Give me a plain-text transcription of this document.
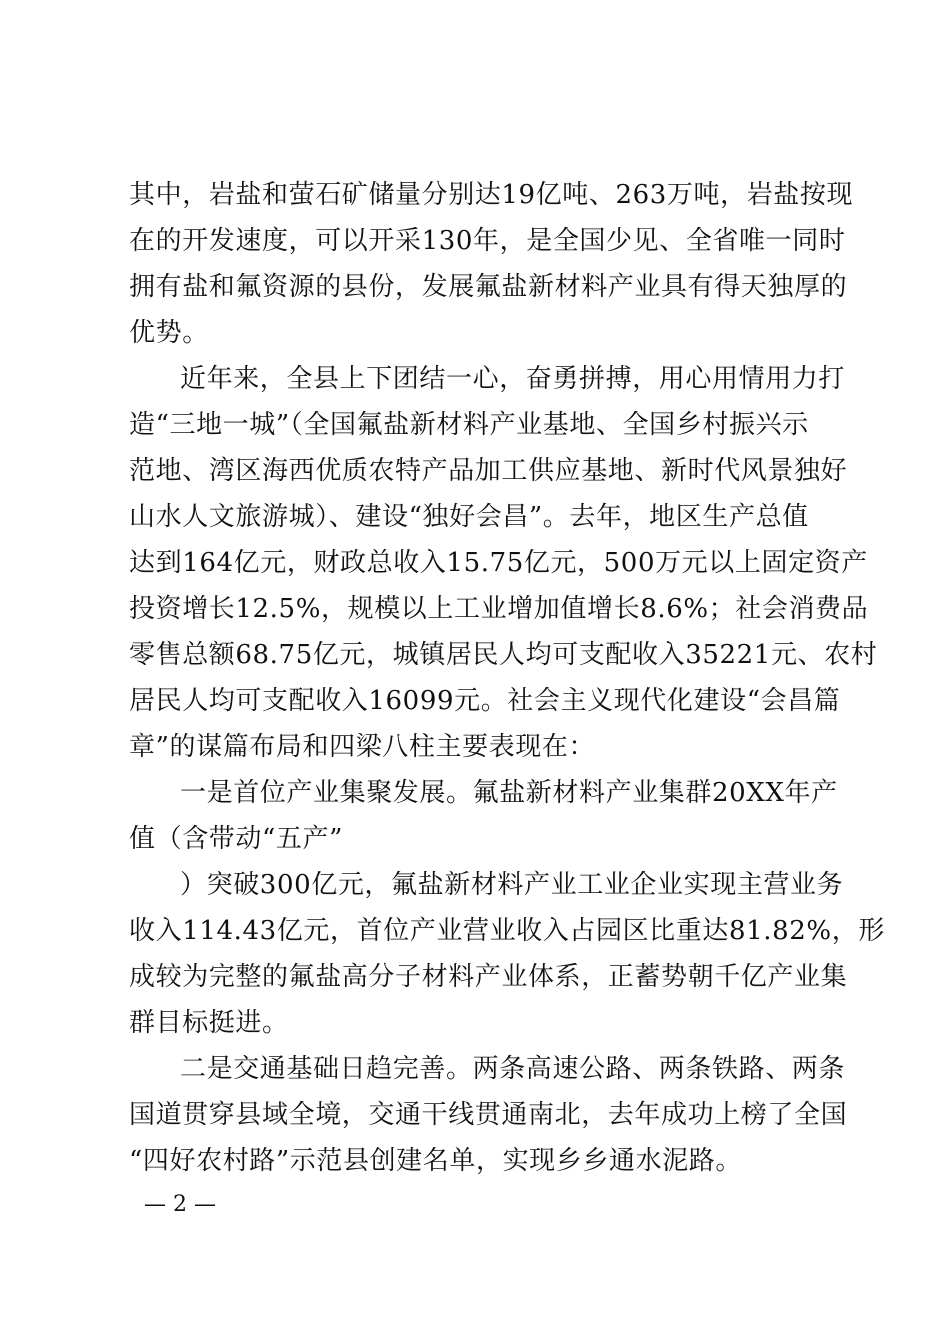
其中，岩盐和萤石矿储量分别达19亿吨、263万吨，岩盐按现
在的开发速度，可以开采130年，是全国少见、全省唯一同时
拥有盐和氟资源的县份，发展氟盐新材料产业具有得天独厚的
优势。
近年来，全县上下团结一心，奋勇拼搏，用心用情用力打
造“三地一城”（全国氟盐新材料产业基地、全国乡村振兴示
范地、湾区海西优质农特产品加工供应基地、新时代风景独好
山水人文旅游城）、建设“独好会昌”。去年，地区生产总值
达到164亿元，财政总收入15.75亿元，500万元以上固定资产
投资增长12.5%，规模以上工业增加值增长8.6%；社会消费品
零售总额68.75亿元，城镇居民人均可支配收入35221元、农村
居民人均可支配收入16099元。社会主义现代化建设“会昌篇
章”的谋篇布局和四梁八柱主要表现在：
一是首位产业集聚发展。氟盐新材料产业集群20XX年产
值（含带动“五产”
）突破300亿元，氟盐新材料产业工业企业实现主营业务
收入114.43亿元，首位产业营业收入占园区比重达81.82%，形
成较为完整的氟盐高分子材料产业体系，正蓄势朝千亿产业集
群目标挺进。
二是交通基础日趋完善。两条高速公路、两条铁路、两条
国道贯穿县域全境，交通干线贯通南北，去年成功上榜了全国
“四好农村路”示范县创建名单，实现乡乡通水泥路。
— 2 —
